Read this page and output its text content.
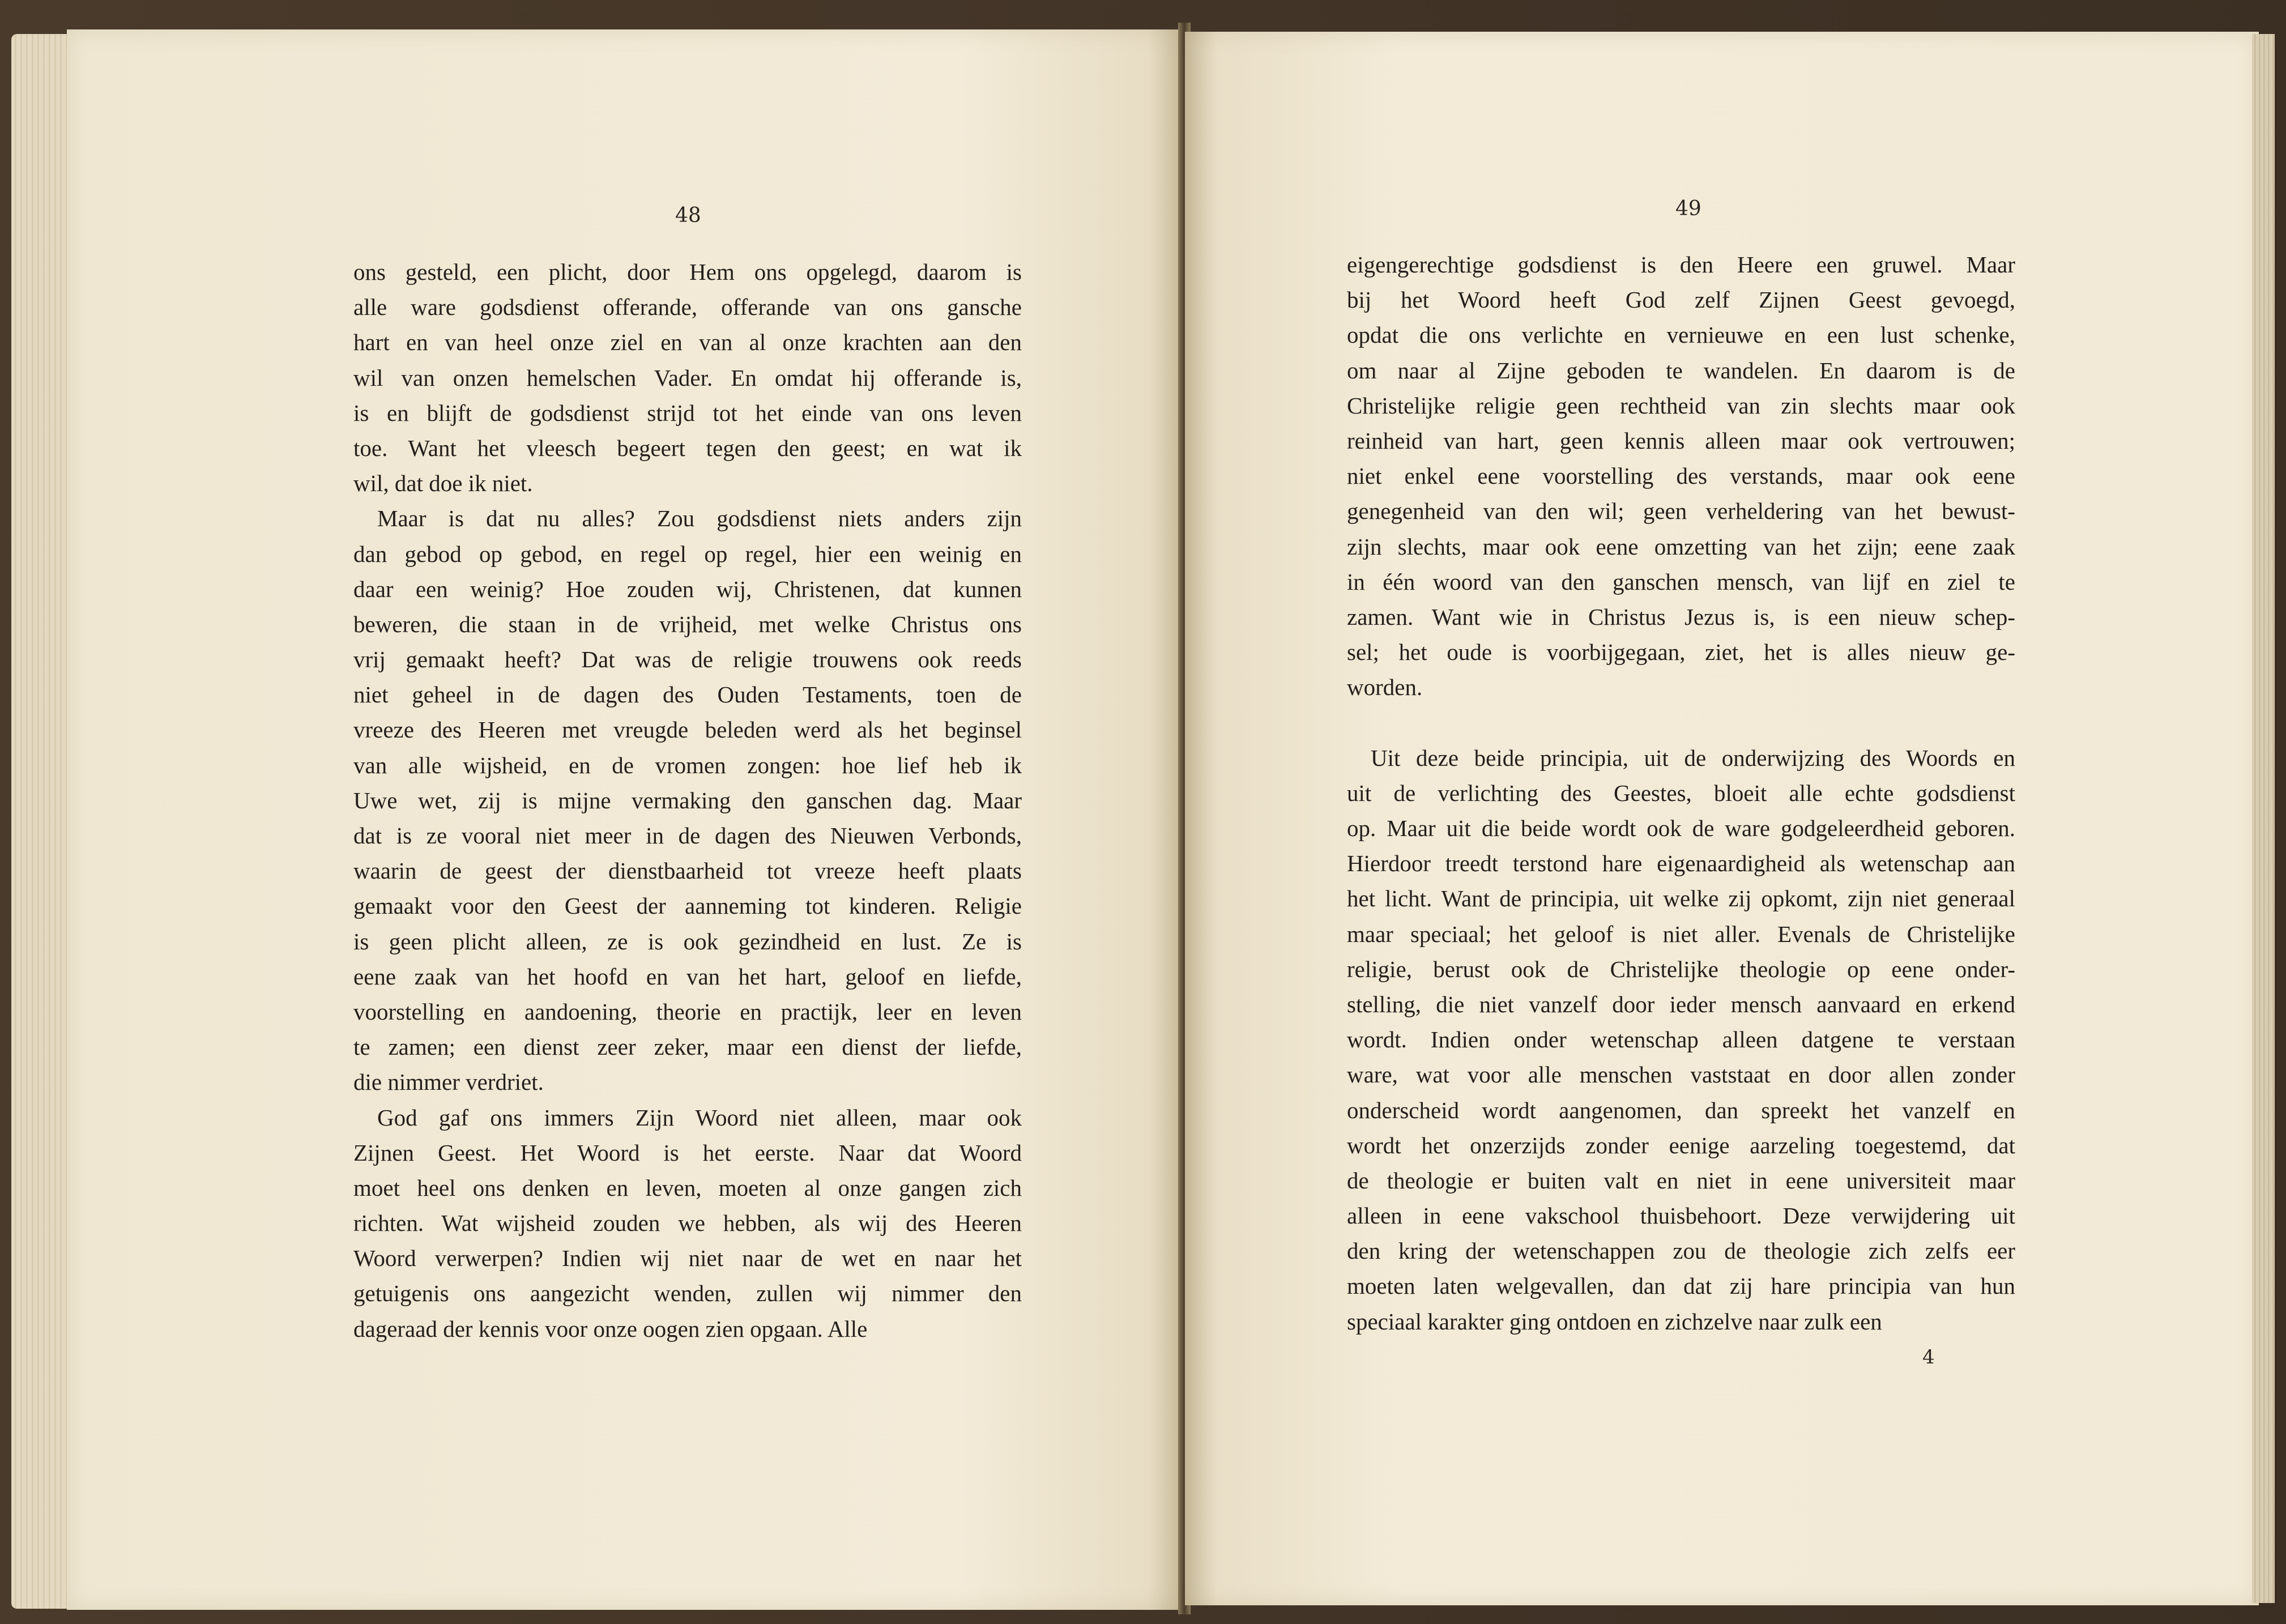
48	49
ons gesteld, een plicht, door Hem ons opgelegd, daarom is
alle ware godsdienst offerande, offerande van ons gansche
hart en van heel onze ziel en van al onze krachten aan den
wil van onzen hemelschen Vader. En omdat hij offerande is,
is en blijft de godsdienst strijd tot het einde van ons leven
toe. Want het vleesch begeert tegen den geest; en wat ik
wil, dat doe ik niet.
Maar is dat nu alles? Zou godsdienst niets anders zijn
dan gebod op gebod, en regel op regel, hier een weinig en
daar een weinig? Hoe zouden wij, Christenen, dat kunnen
beweren, die staan in de vrijheid, met welke Christus ons
vrij gemaakt heeft? Dat was de religie trouwens ook reeds
niet geheel in de dagen des Ouden Testaments, toen de
vreeze des Heeren met vreugde beleden werd als het beginsel
van alle wijsheid, en de vromen zongen: hoe lief heb ik
Uwe wet, zij is mijne vermaking den ganschen dag. Maar
dat is ze vooral niet meer in de dagen des Nieuwen Verbonds,
waarin de geest der dienstbaarheid tot vreeze heeft plaats
gemaakt voor den Geest der aanneming tot kinderen. Religie
is geen plicht alleen, ze is ook gezindheid en lust. Ze is
eene zaak van het hoofd en van het hart, geloof en liefde,
voorstelling en aandoening, theorie en practijk, leer en leven
te zamen; een dienst zeer zeker, maar een dienst der liefde,
die nimmer verdriet.
God gaf ons immers Zijn Woord niet alleen, maar ook
Zijnen Geest. Het Woord is het eerste. Naar dat Woord
moet heel ons denken en leven, moeten al onze gangen zich
richten. Wat wijsheid zouden we hebben, als wij des Heeren
Woord verwerpen? Indien wij niet naar de wet en naar het
getuigenis ons aangezicht wenden, zullen wij nimmer den
dageraad der kennis voor onze oogen zien opgaan. Alle
eigengerechtige godsdienst is den Heere een gruwel. Maar
bij het Woord heeft God zelf Zijnen Geest gevoegd,
opdat die ons verlichte en vernieuwe en een lust schenke,
om naar al Zijne geboden te wandelen. En daarom is de
Christelijke religie geen rechtheid van zin slechts maar ook
reinheid van hart, geen kennis alleen maar ook vertrouwen;
niet enkel eene voorstelling des verstands, maar ook eene
genegenheid van den wil; geen verheldering van het bewust-
zijn slechts, maar ook eene omzetting van het zijn; eene zaak
in één woord van den ganschen mensch, van lijf en ziel te
zamen. Want wie in Christus Jezus is, is een nieuw schep-
sel; het oude is voorbijgegaan, ziet, het is alles nieuw ge-
worden.
Uit deze beide principia, uit de onderwijzing des Woords en
uit de verlichting des Geestes, bloeit alle echte godsdienst
op. Maar uit die beide wordt ook de ware godgeleerdheid geboren.
Hierdoor treedt terstond hare eigenaardigheid als wetenschap aan
het licht. Want de principia, uit welke zij opkomt, zijn niet generaal
maar speciaal; het geloof is niet aller. Evenals de Christelijke
religie, berust ook de Christelijke theologie op eene onder-
stelling, die niet vanzelf door ieder mensch aanvaard en erkend
wordt. Indien onder wetenschap alleen datgene te verstaan
ware, wat voor alle menschen vaststaat en door allen zonder
onderscheid wordt aangenomen, dan spreekt het vanzelf en
wordt het onzerzijds zonder eenige aarzeling toegestemd, dat
de theologie er buiten valt en niet in eene universiteit maar
alleen in eene vakschool thuisbehoort. Deze verwijdering uit
den kring der wetenschappen zou de theologie zich zelfs eer
moeten laten welgevallen, dan dat zij hare principia van hun
speciaal karakter ging ontdoen en zichzelve naar zulk een
4
